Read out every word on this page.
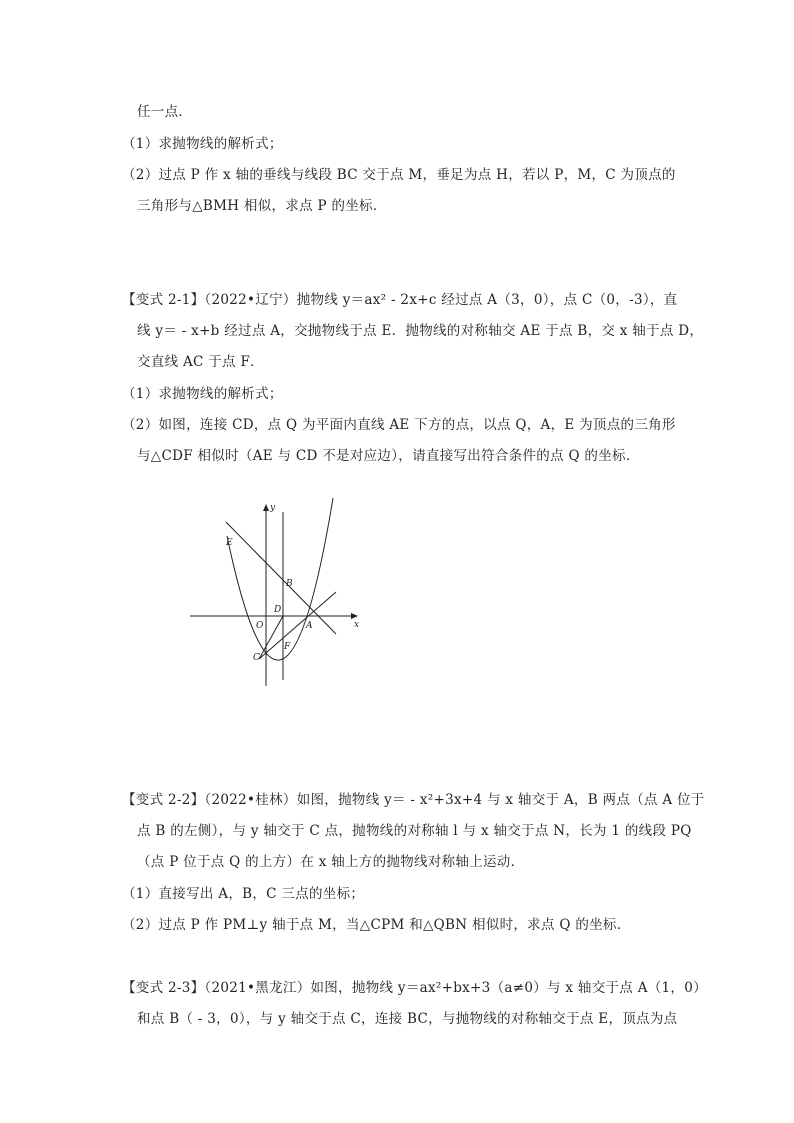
任一点．
（1）求抛物线的解析式；
（2）过点 P 作 x 轴的垂线与线段 BC 交于点 M，垂足为点 H，若以 P，M，C 为顶点的
三角形与△BMH 相似，求点 P 的坐标．
【变式 2-1】（2022•辽宁）抛物线 y＝ax² - 2x+c 经过点 A（3，0），点 C（0，-3），直
线 y＝ - x+b 经过点 A，交抛物线于点 E．抛物线的对称轴交 AE 于点 B，交 x 轴于点 D，
交直线 AC 于点 F．
（1）求抛物线的解析式；
（2）如图，连接 CD，点 Q 为平面内直线 AE 下方的点，以点 Q，A，E 为顶点的三角形
与△CDF 相似时（AE 与 CD 不是对应边），请直接写出符合条件的点 Q 的坐标．
y
x
E
B
D
O	A
C
F
【变式 2-2】（2022•桂林）如图，抛物线 y＝ - x²+3x+4 与 x 轴交于 A，B 两点（点 A 位于
点 B 的左侧），与 y 轴交于 C 点，抛物线的对称轴 l 与 x 轴交于点 N，长为 1 的线段 PQ
（点 P 位于点 Q 的上方）在 x 轴上方的抛物线对称轴上运动．
（1）直接写出 A，B，C 三点的坐标；
（2）过点 P 作 PM⊥y 轴于点 M，当△CPM 和△QBN 相似时，求点 Q 的坐标．
【变式 2-3】（2021•黑龙江）如图，抛物线 y＝ax²+bx+3（a≠0）与 x 轴交于点 A（1，0）
和点 B（ - 3，0），与 y 轴交于点 C，连接 BC，与抛物线的对称轴交于点 E，顶点为点
